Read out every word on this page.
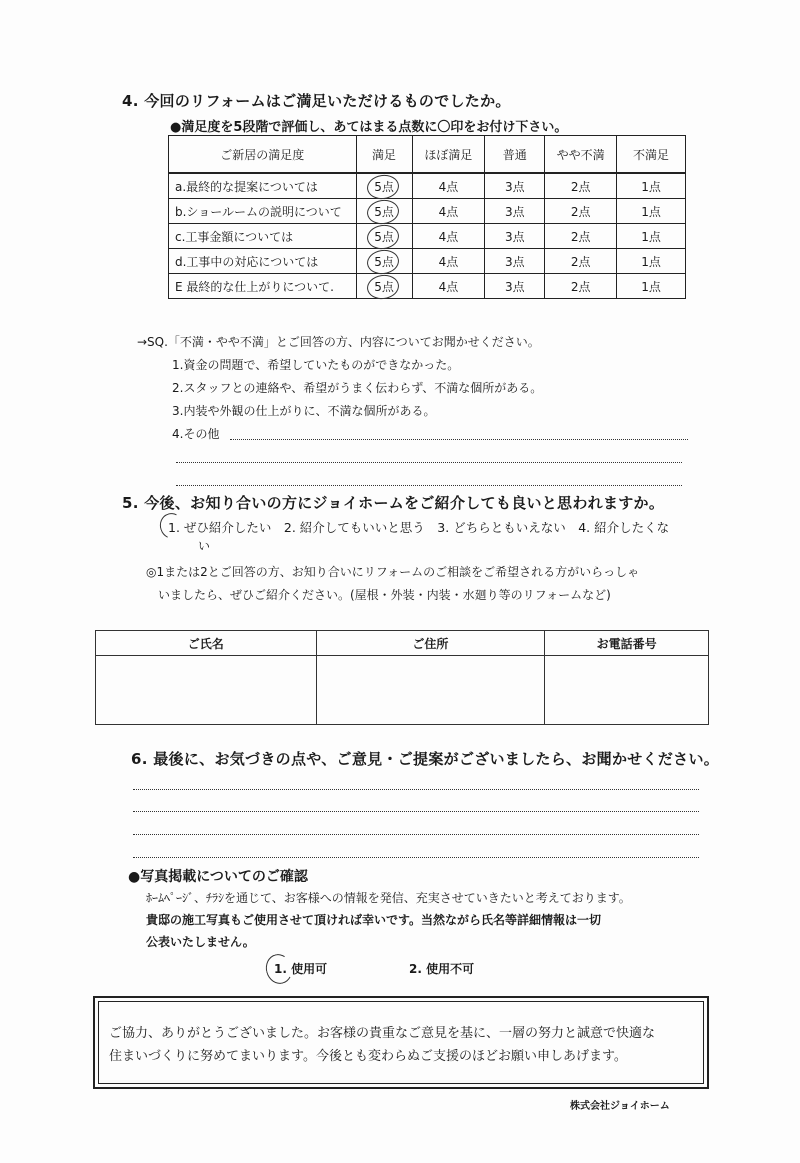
4. 今回のリフォームはご満足いただけるものでしたか。
●満足度を5段階で評価し、あてはまる点数に〇印をお付け下さい。
ご新居の満足度	満足	ほぼ満足	普通	やや不満	不満足
a.最終的な提案については	5点	4点	3点	2点	1点
b.ショールームの説明について	5点	4点	3点	2点	1点
c.工事金額については	5点	4点	3点	2点	1点
d.工事中の対応については	5点	4点	3点	2点	1点
E 最終的な仕上がりについて.	5点	4点	3点	2点	1点
→SQ.「不満・やや不満」とご回答の方、内容についてお聞かせください。
1.資金の問題で、希望していたものができなかった。
2.スタッフとの連絡や、希望がうまく伝わらず、不満な個所がある。
3.内装や外観の仕上がりに、不満な個所がある。
4.その他
5. 今後、お知り合いの方にジョイホームをご紹介しても良いと思われますか。
1. ぜひ紹介したい　2. 紹介してもいいと思う　3. どちらともいえない　4. 紹介したくな
い
◎1または2とご回答の方、お知り合いにリフォームのご相談をご希望される方がいらっしゃ
いましたら、ぜひご紹介ください。(屋根・外装・内装・水廻り等のリフォームなど)
ご氏名	ご住所	お電話番号

6. 最後に、お気づきの点や、ご意見・ご提案がございましたら、お聞かせください。
●写真掲載についてのご確認
ﾎｰﾑﾍﾟｰｼﾞ、ﾁﾗｼを通じて、お客様への情報を発信、充実させていきたいと考えております。
貴邸の施工写真もご使用させて頂ければ幸いです。当然ながら氏名等詳細情報は一切
公表いたしません。
1. 使用可	2. 使用不可
ご協力、ありがとうございました。お客様の貴重なご意見を基に、一層の努力と誠意で快適な
住まいづくりに努めてまいります。今後とも変わらぬご支援のほどお願い申しあげます。
株式会社ジョイホーム
